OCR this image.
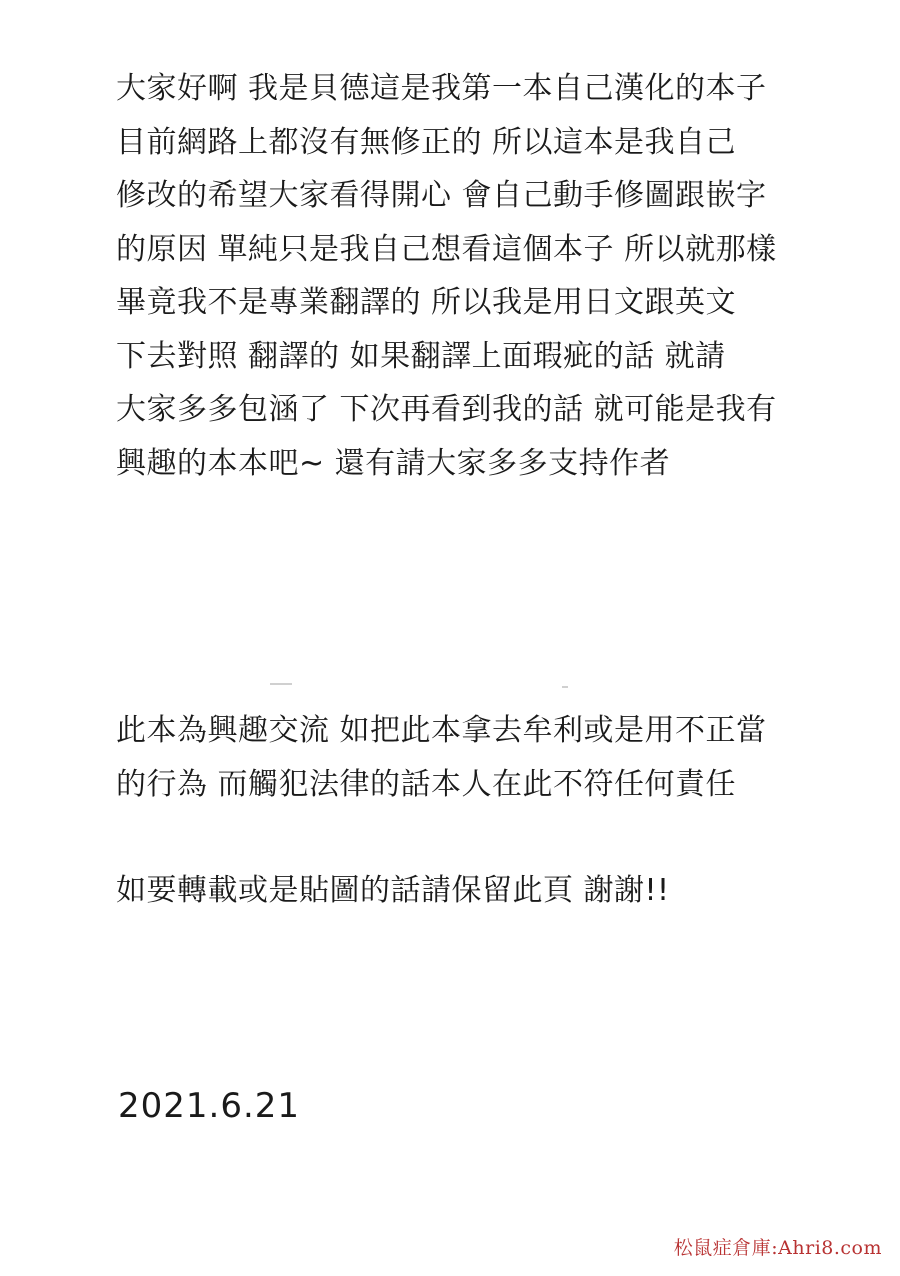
大家好啊 我是貝德這是我第一本自己漢化的本子
目前網路上都沒有無修正的 所以這本是我自己
修改的希望大家看得開心 會自己動手修圖跟嵌字
的原因 單純只是我自己想看這個本子 所以就那樣
畢竟我不是專業翻譯的 所以我是用日文跟英文
下去對照 翻譯的 如果翻譯上面瑕疵的話 就請
大家多多包涵了 下次再看到我的話 就可能是我有
興趣的本本吧~ 還有請大家多多支持作者
此本為興趣交流 如把此本拿去牟利或是用不正當
的行為 而觸犯法律的話本人在此不符任何責任
如要轉載或是貼圖的話請保留此頁 謝謝!!
2021.6.21
松鼠症倉庫:Ahri8.com
